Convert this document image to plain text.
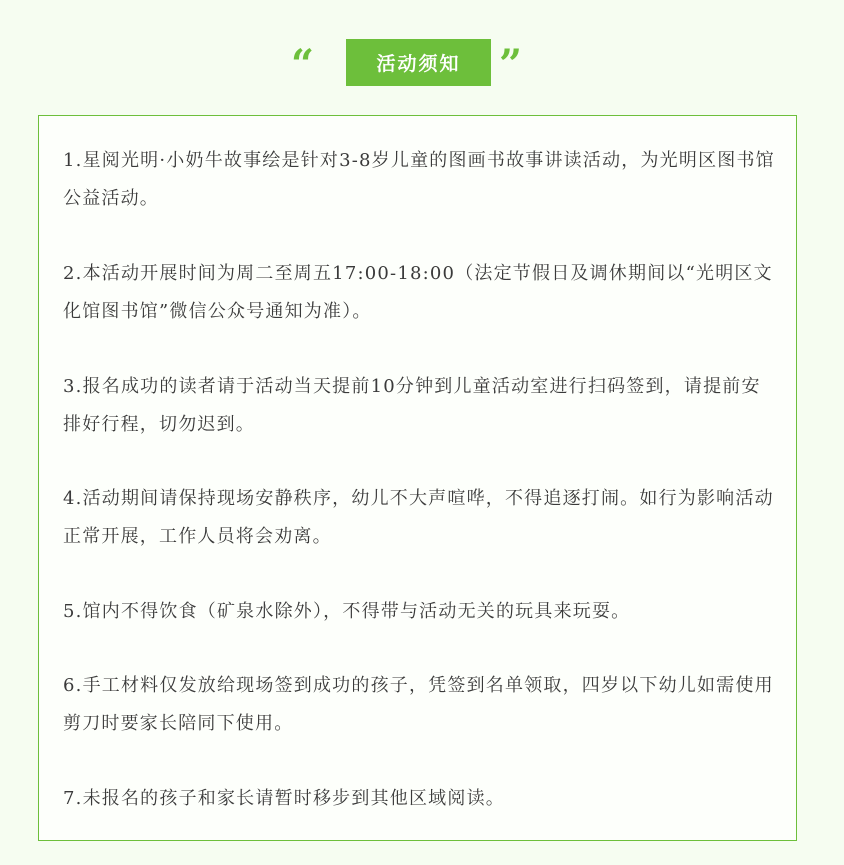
“	活动须知 ”

1.星阅光明·小奶牛故事绘是针对3-8岁儿童的图画书故事讲读活动，为光明区图书馆公益活动。

2.本活动开展时间为周二至周五17:00-18:00（法定节假日及调休期间以“光明区文化馆图书馆”微信公众号通知为准）。

3.报名成功的读者请于活动当天提前10分钟到儿童活动室进行扫码签到，请提前安排好行程，切勿迟到。

4.活动期间请保持现场安静秩序，幼儿不大声喧哗，不得追逐打闹。如行为影响活动正常开展，工作人员将会劝离。

5.馆内不得饮食（矿泉水除外），不得带与活动无关的玩具来玩耍。

6.手工材料仅发放给现场签到成功的孩子，凭签到名单领取，四岁以下幼儿如需使用剪刀时要家长陪同下使用。

7.未报名的孩子和家长请暂时移步到其他区域阅读。
